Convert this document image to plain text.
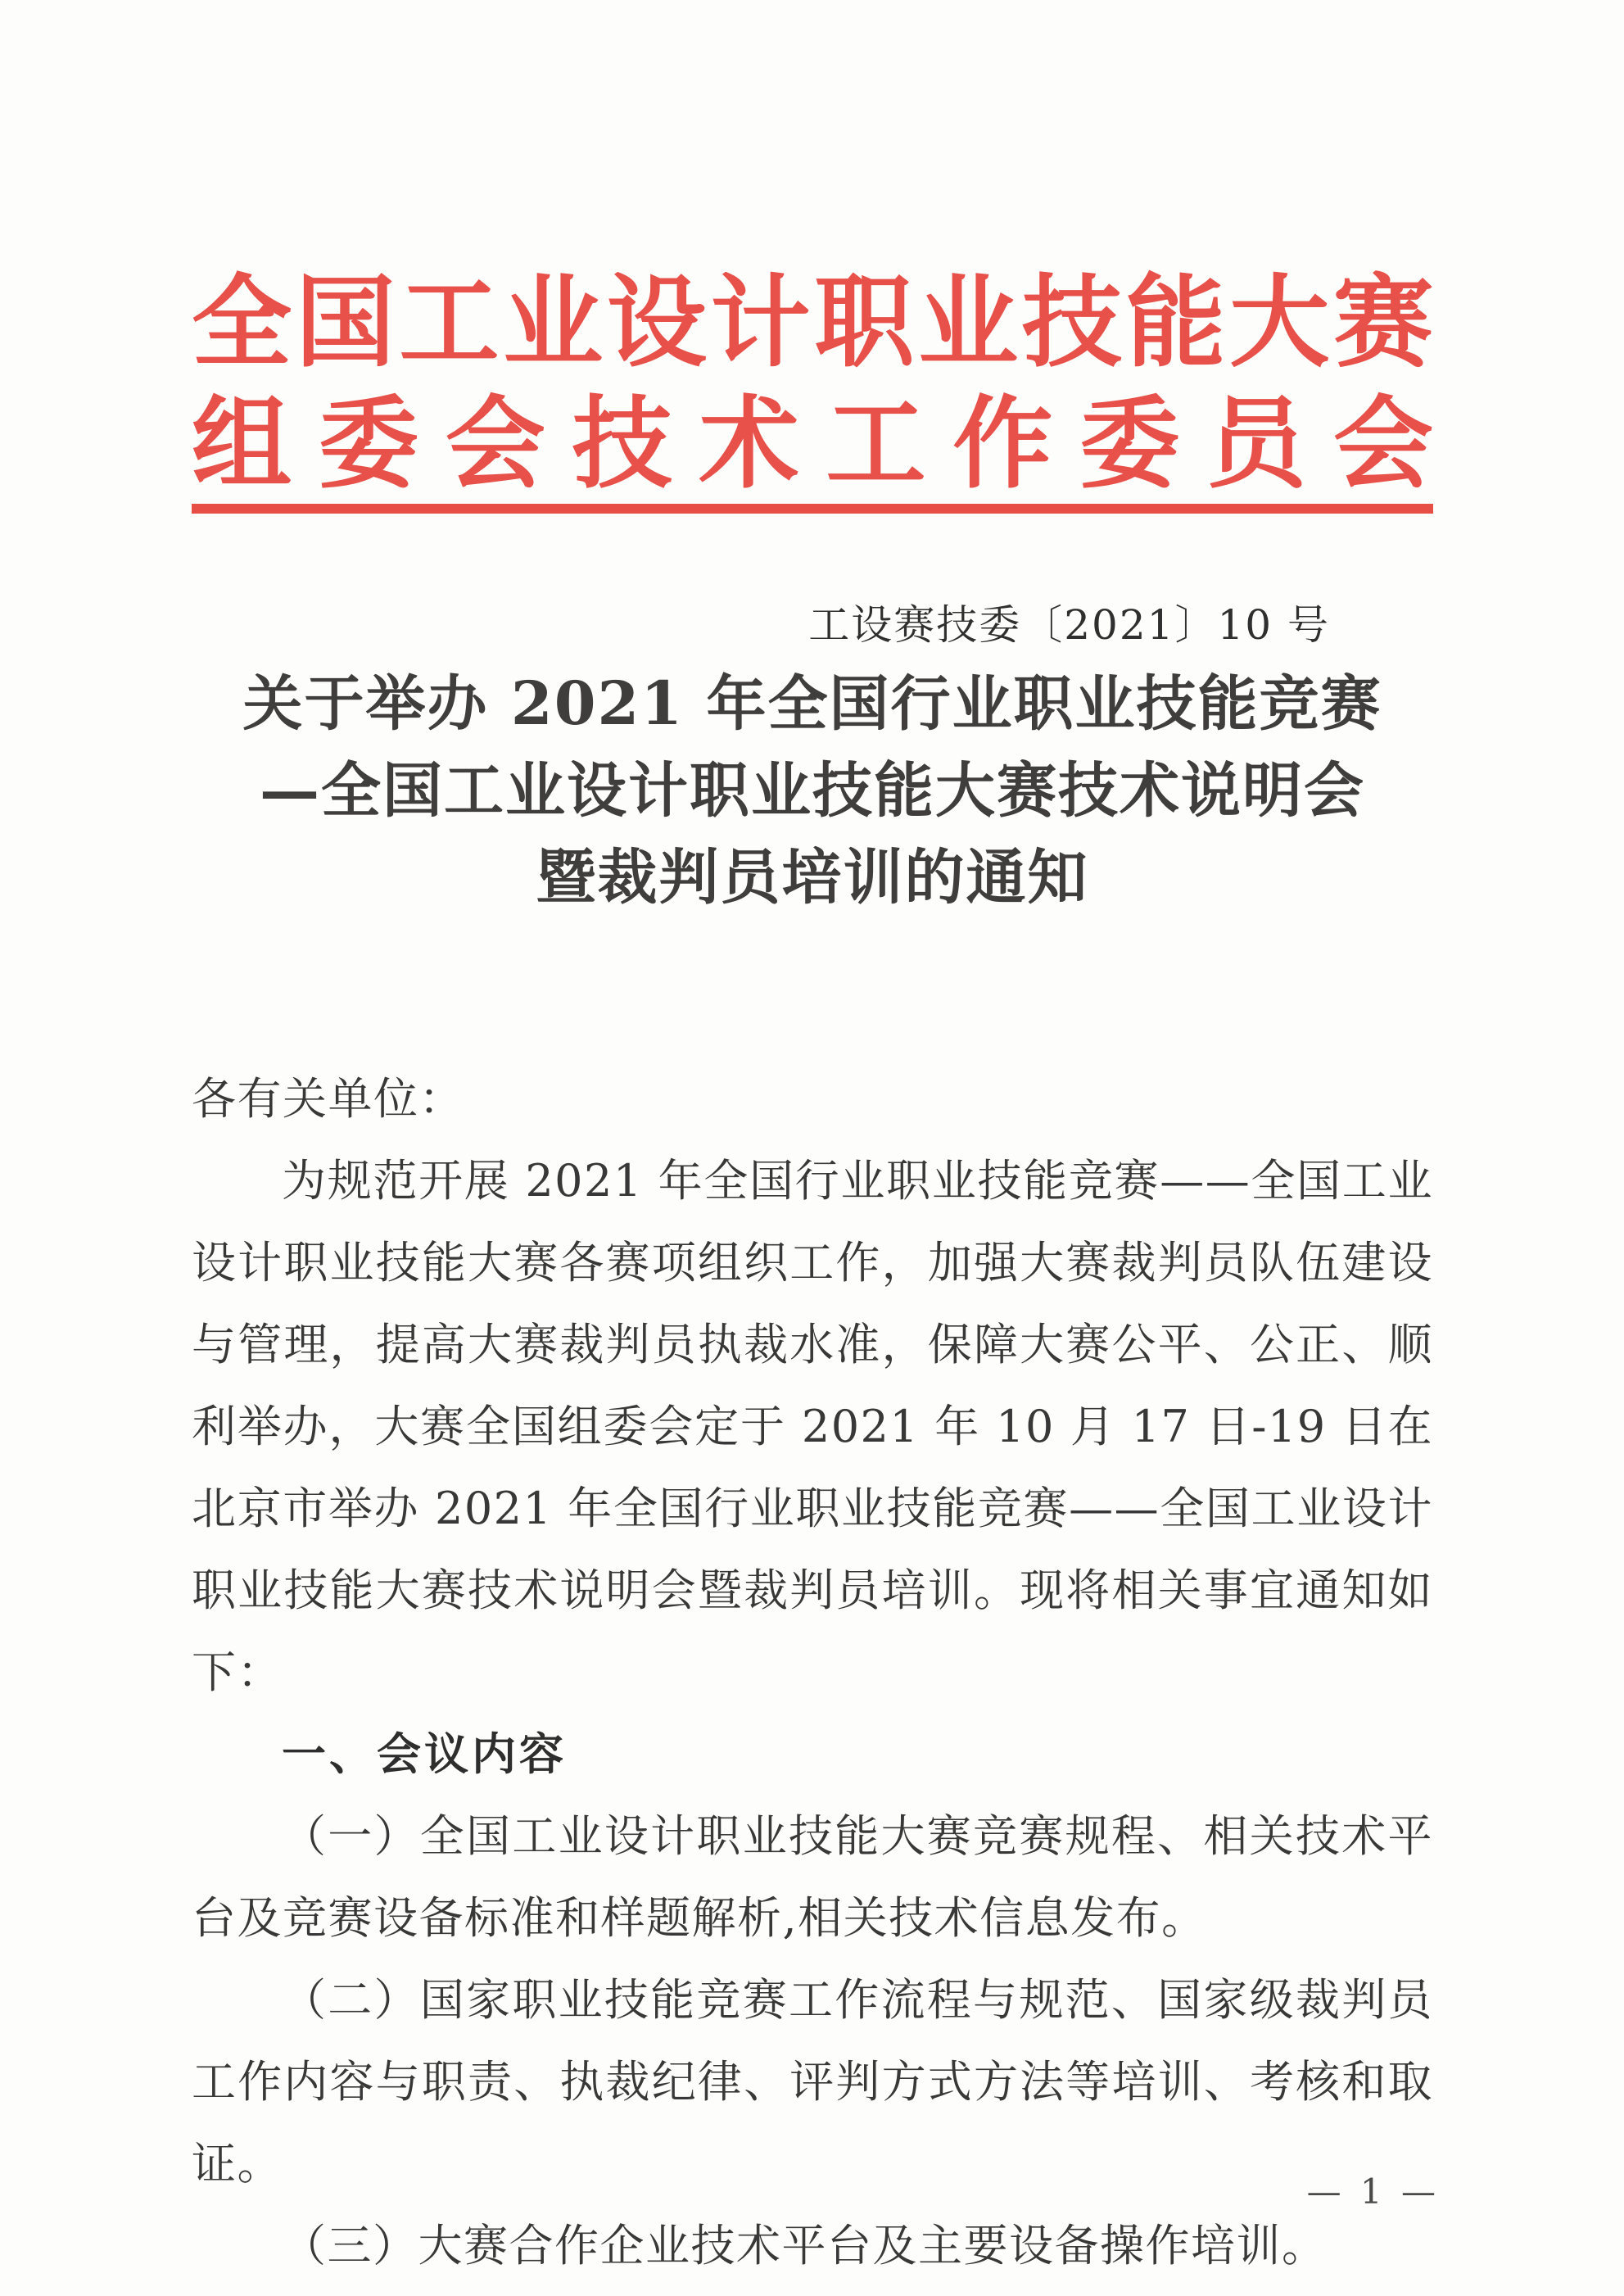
全国工业设计职业技能大赛
组委会技术工作委员会
工设赛技委〔2021〕10 号
关于举办 2021 年全国行业职业技能竞赛
—全国工业设计职业技能大赛技术说明会
暨裁判员培训的通知

各有关单位：

为规范开展 2021 年全国行业职业技能竞赛——全国工业设计职业技能大赛各赛项组织工作，加强大赛裁判员队伍建设与管理，提高大赛裁判员执裁水准，保障大赛公平、公正、顺利举办，大赛全国组委会定于 2021 年 10 月 17 日-19 日在北京市举办 2021 年全国行业职业技能竞赛——全国工业设计职业技能大赛技术说明会暨裁判员培训。现将相关事宜通知如下：

一、会议内容

（一）全国工业设计职业技能大赛竞赛规程、相关技术平台及竞赛设备标准和样题解析,相关技术信息发布。

（二）国家职业技能竞赛工作流程与规范、国家级裁判员工作内容与职责、执裁纪律、评判方式方法等培训、考核和取证。

（三）大赛合作企业技术平台及主要设备操作培训。

— 1 —
